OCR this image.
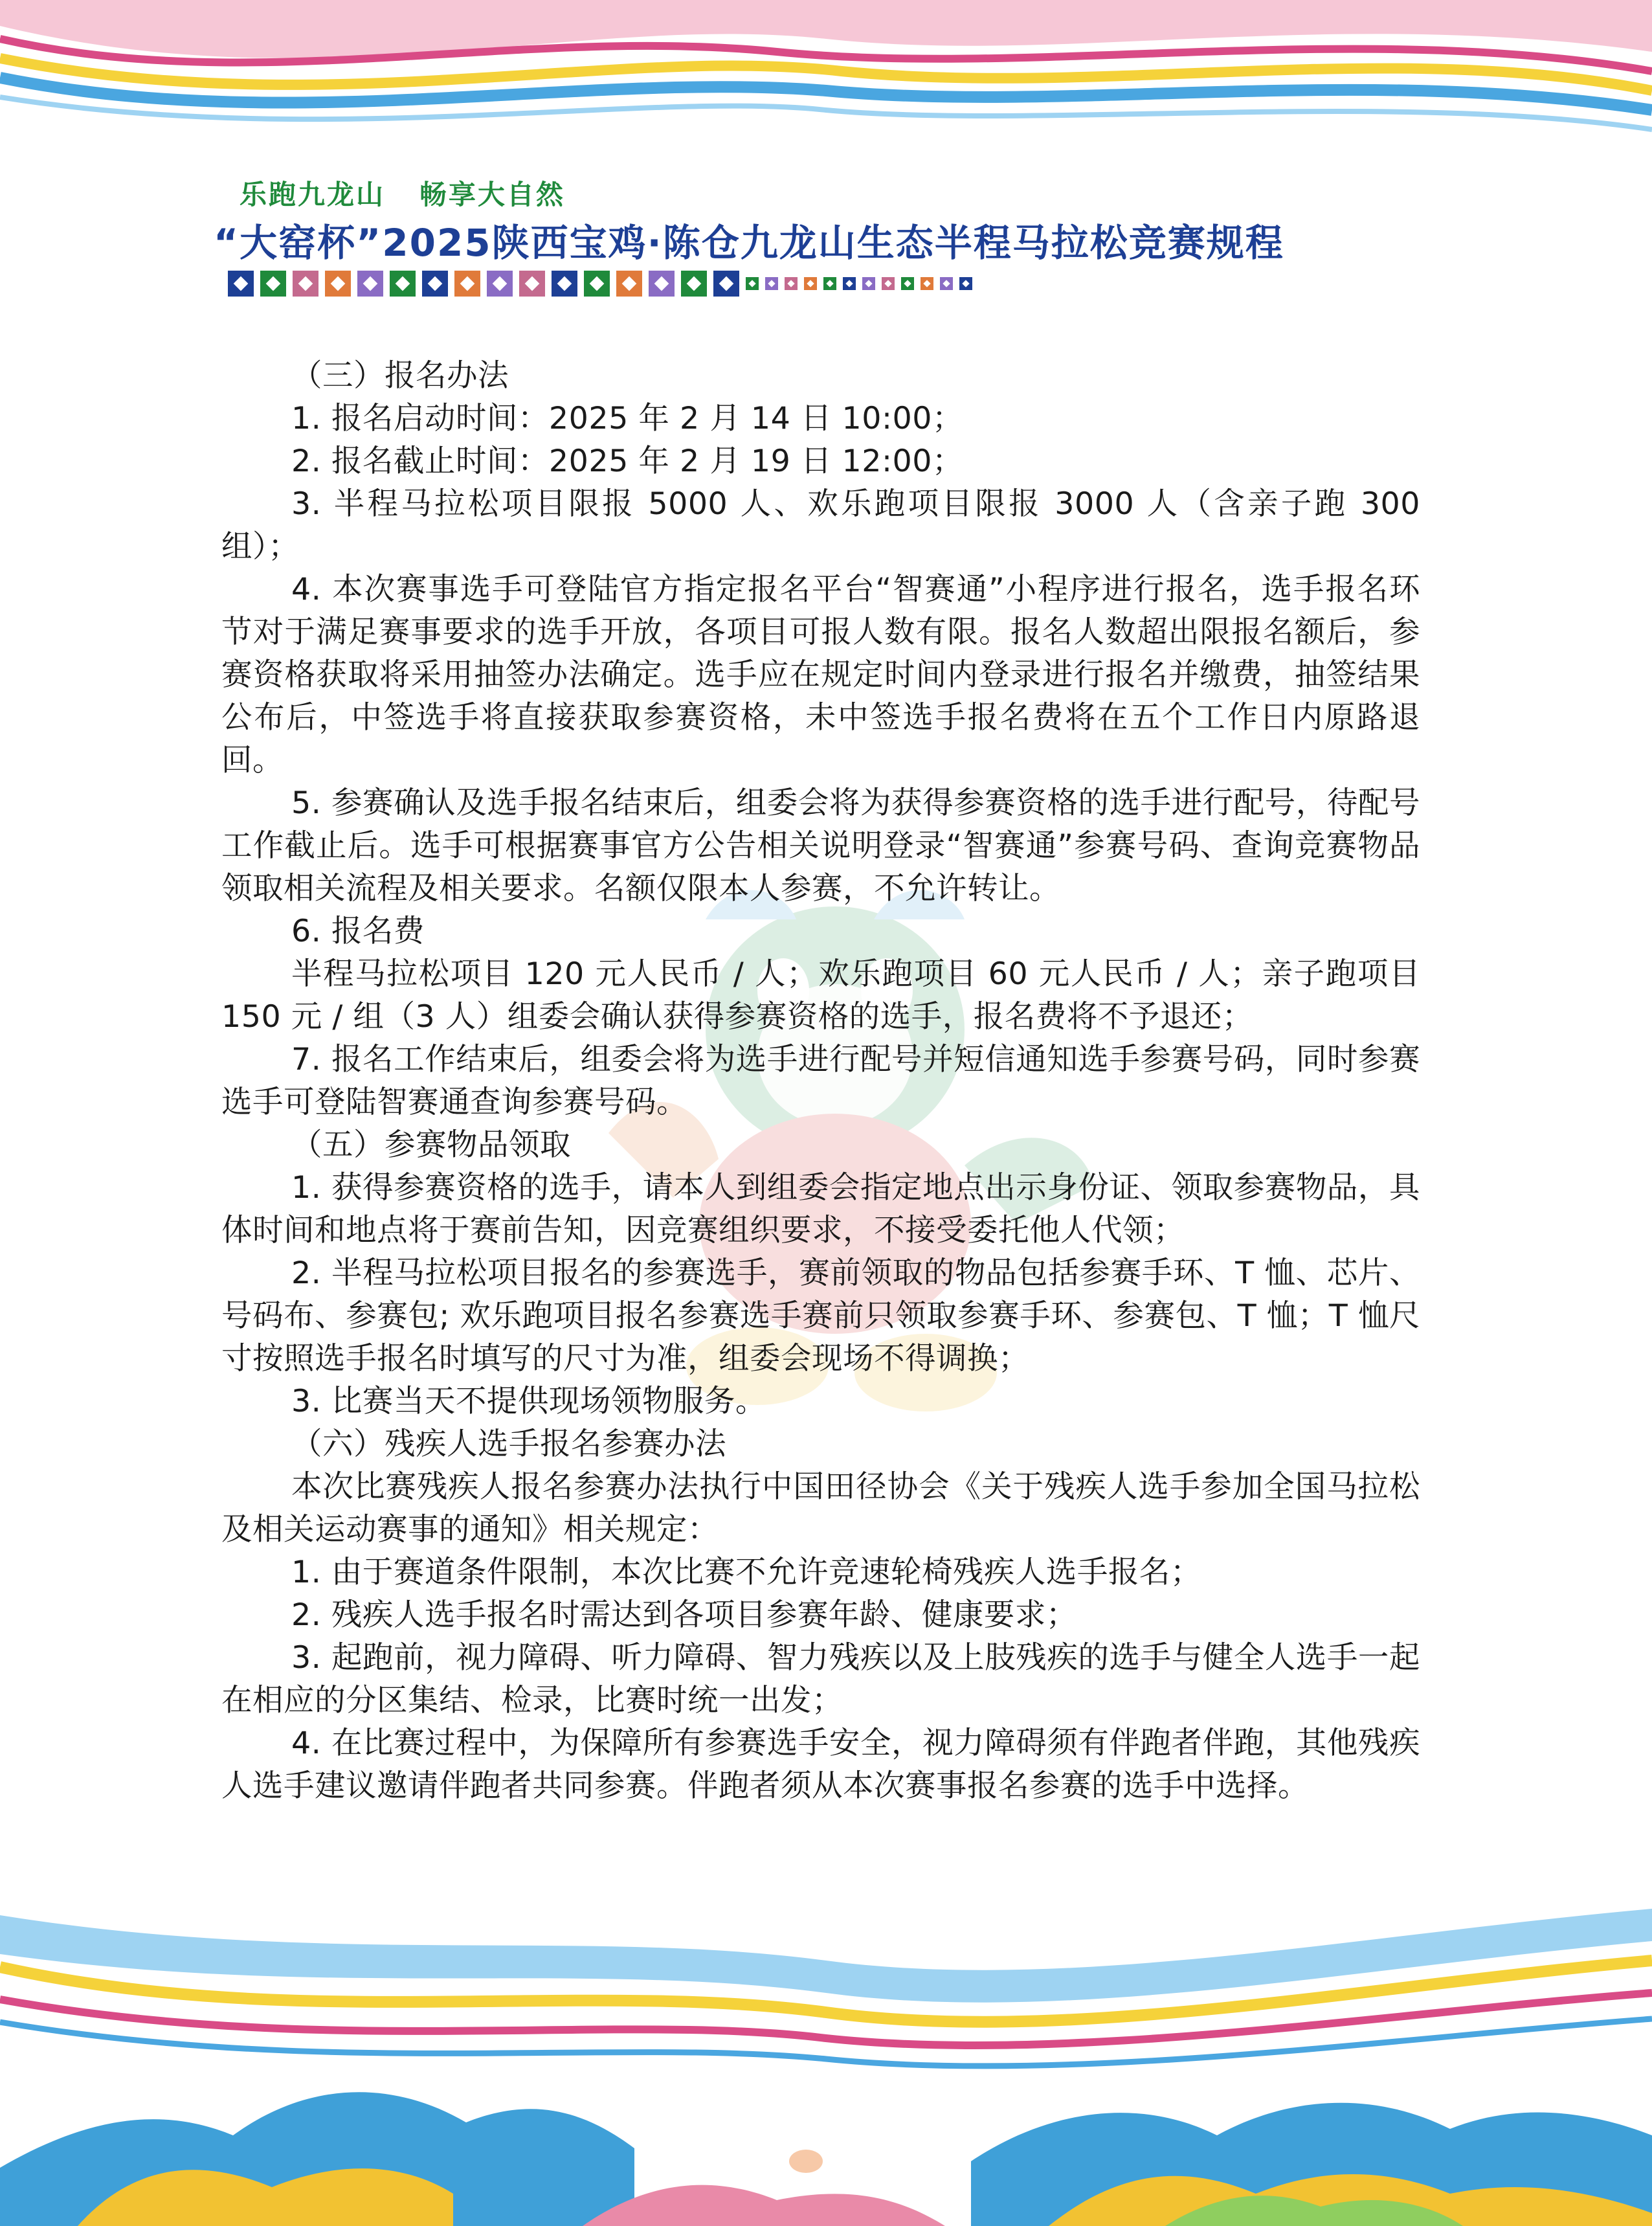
乐跑九龙山   畅享大自然
“大窑杯”2025陕西宝鸡·陈仓九龙山生态半程马拉松竞赛规程

（三）报名办法

1. 报名启动时间：2025 年 2 月 14 日 10:00；

2. 报名截止时间：2025 年 2 月 19 日 12:00；

3. 半程马拉松项目限报 5000 人、欢乐跑项目限报 3000 人（含亲子跑 300 组）；

4. 本次赛事选手可登陆官方指定报名平台“智赛通”小程序进行报名，选手报名环节对于满足赛事要求的选手开放，各项目可报人数有限。报名人数超出限报名额后，参赛资格获取将采用抽签办法确定。选手应在规定时间内登录进行报名并缴费，抽签结果公布后，中签选手将直接获取参赛资格，未中签选手报名费将在五个工作日内原路退回。

5. 参赛确认及选手报名结束后，组委会将为获得参赛资格的选手进行配号，待配号工作截止后。选手可根据赛事官方公告相关说明登录“智赛通”参赛号码、查询竞赛物品领取相关流程及相关要求。名额仅限本人参赛，不允许转让。

6. 报名费

半程马拉松项目 120 元人民币 / 人；欢乐跑项目 60 元人民币 / 人；亲子跑项目 150 元 / 组（3 人）组委会确认获得参赛资格的选手，报名费将不予退还；

7. 报名工作结束后，组委会将为选手进行配号并短信通知选手参赛号码，同时参赛选手可登陆智赛通查询参赛号码。

（五）参赛物品领取

1. 获得参赛资格的选手，请本人到组委会指定地点出示身份证、领取参赛物品，具体时间和地点将于赛前告知，因竞赛组织要求，不接受委托他人代领；

2. 半程马拉松项目报名的参赛选手，赛前领取的物品包括参赛手环、T 恤、芯片、号码布、参赛包; 欢乐跑项目报名参赛选手赛前只领取参赛手环、参赛包、T 恤；T 恤尺寸按照选手报名时填写的尺寸为准，组委会现场不得调换；

3. 比赛当天不提供现场领物服务。

（六）残疾人选手报名参赛办法

本次比赛残疾人报名参赛办法执行中国田径协会《关于残疾人选手参加全国马拉松及相关运动赛事的通知》相关规定：

1. 由于赛道条件限制，本次比赛不允许竞速轮椅残疾人选手报名；

2. 残疾人选手报名时需达到各项目参赛年龄、健康要求；

3. 起跑前，视力障碍、听力障碍、智力残疾以及上肢残疾的选手与健全人选手一起在相应的分区集结、检录，比赛时统一出发；

4. 在比赛过程中，为保障所有参赛选手安全，视力障碍须有伴跑者伴跑，其他残疾人选手建议邀请伴跑者共同参赛。伴跑者须从本次赛事报名参赛的选手中选择。
